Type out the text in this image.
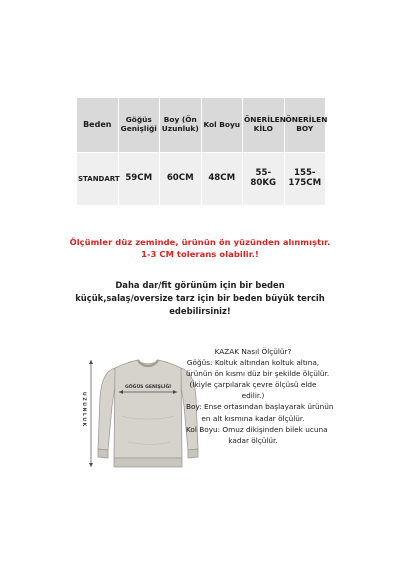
Beden	Göğüs Genişliği	Boy (Ön Uzunluk)	Kol Boyu	ÖNERİLEN KİLO	ÖNERİLEN BOY
STANDART	59CM	60CM	48CM	55-80KG	155-175CM
Ölçümler düz zeminde, ürünün ön yüzünden alınmıştır.
1-3 CM tolerans olabilir.!
Daha dar/fit görünüm için bir beden
küçük,salaş/oversize tarz için bir beden büyük tercih
edebilirsiniz!
GÖĞÜS GENİŞLİĞİ
UZUNLUK
KAZAK Nasıl Ölçülür?
Göğüs: Koltuk altından koltuk altına,
ürünün ön kısmı düz bir şekilde ölçülür.
(İkiyle çarpılarak çevre ölçüsü elde
edilir.)
Boy: Ense ortasından başlayarak ürünün
en alt kısmına kadar ölçülür.
Kol Boyu: Omuz dikişinden bilek ucuna
kadar ölçülür.
